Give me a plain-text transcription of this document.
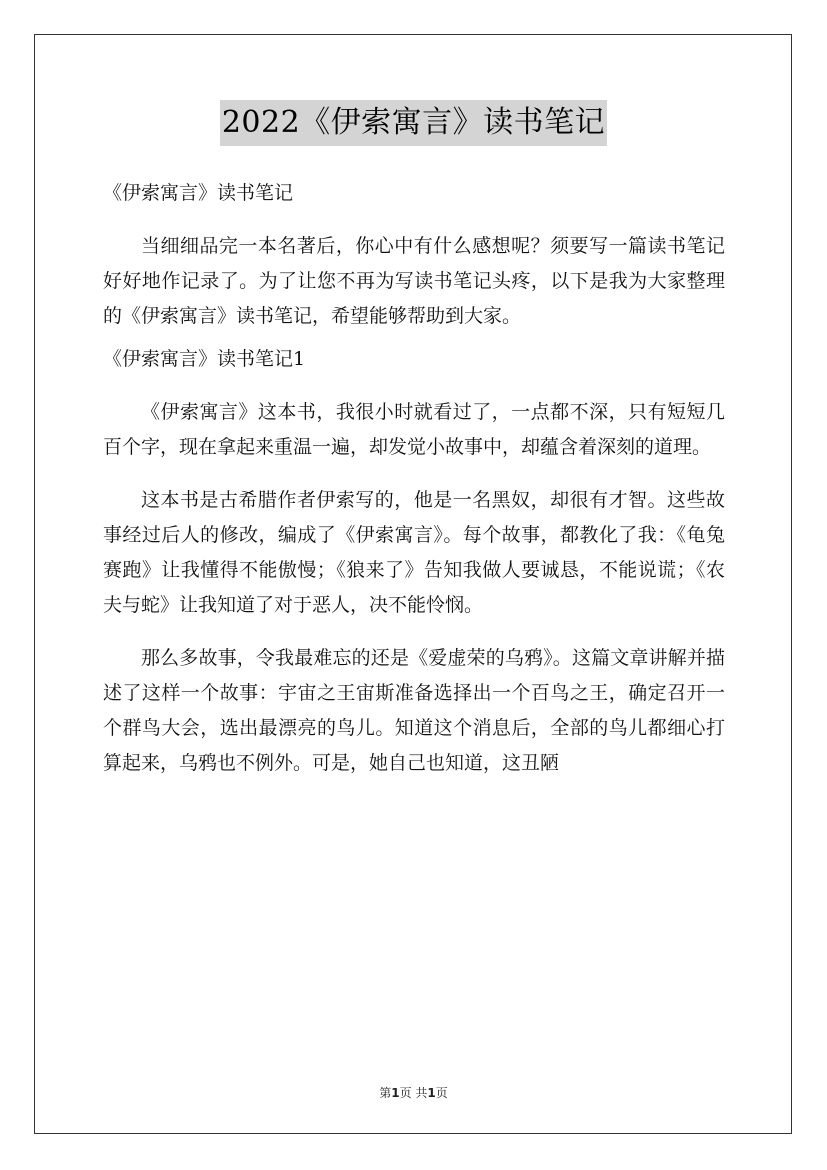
2022《伊索寓言》读书笔记

《伊索寓言》读书笔记

当细细品完一本名著后，你心中有什么感想呢？须要写一篇读书笔记好好地作记录了。为了让您不再为写读书笔记头疼，以下是我为大家整理的《伊索寓言》读书笔记，希望能够帮助到大家。

《伊索寓言》读书笔记1

《伊索寓言》这本书，我很小时就看过了，一点都不深，只有短短几百个字，现在拿起来重温一遍，却发觉小故事中，却蕴含着深刻的道理。

这本书是古希腊作者伊索写的，他是一名黑奴，却很有才智。这些故事经过后人的修改，编成了《伊索寓言》。每个故事，都教化了我：《龟兔赛跑》让我懂得不能傲慢；《狼来了》告知我做人要诚恳，不能说谎；《农夫与蛇》让我知道了对于恶人，决不能怜悯。

那么多故事，令我最难忘的还是《爱虚荣的乌鸦》。这篇文章讲解并描述了这样一个故事：宇宙之王宙斯准备选择出一个百鸟之王，确定召开一个群鸟大会，选出最漂亮的鸟儿。知道这个消息后，全部的鸟儿都细心打算起来，乌鸦也不例外。可是，她自己也知道，这丑陋

第1页 共1页
